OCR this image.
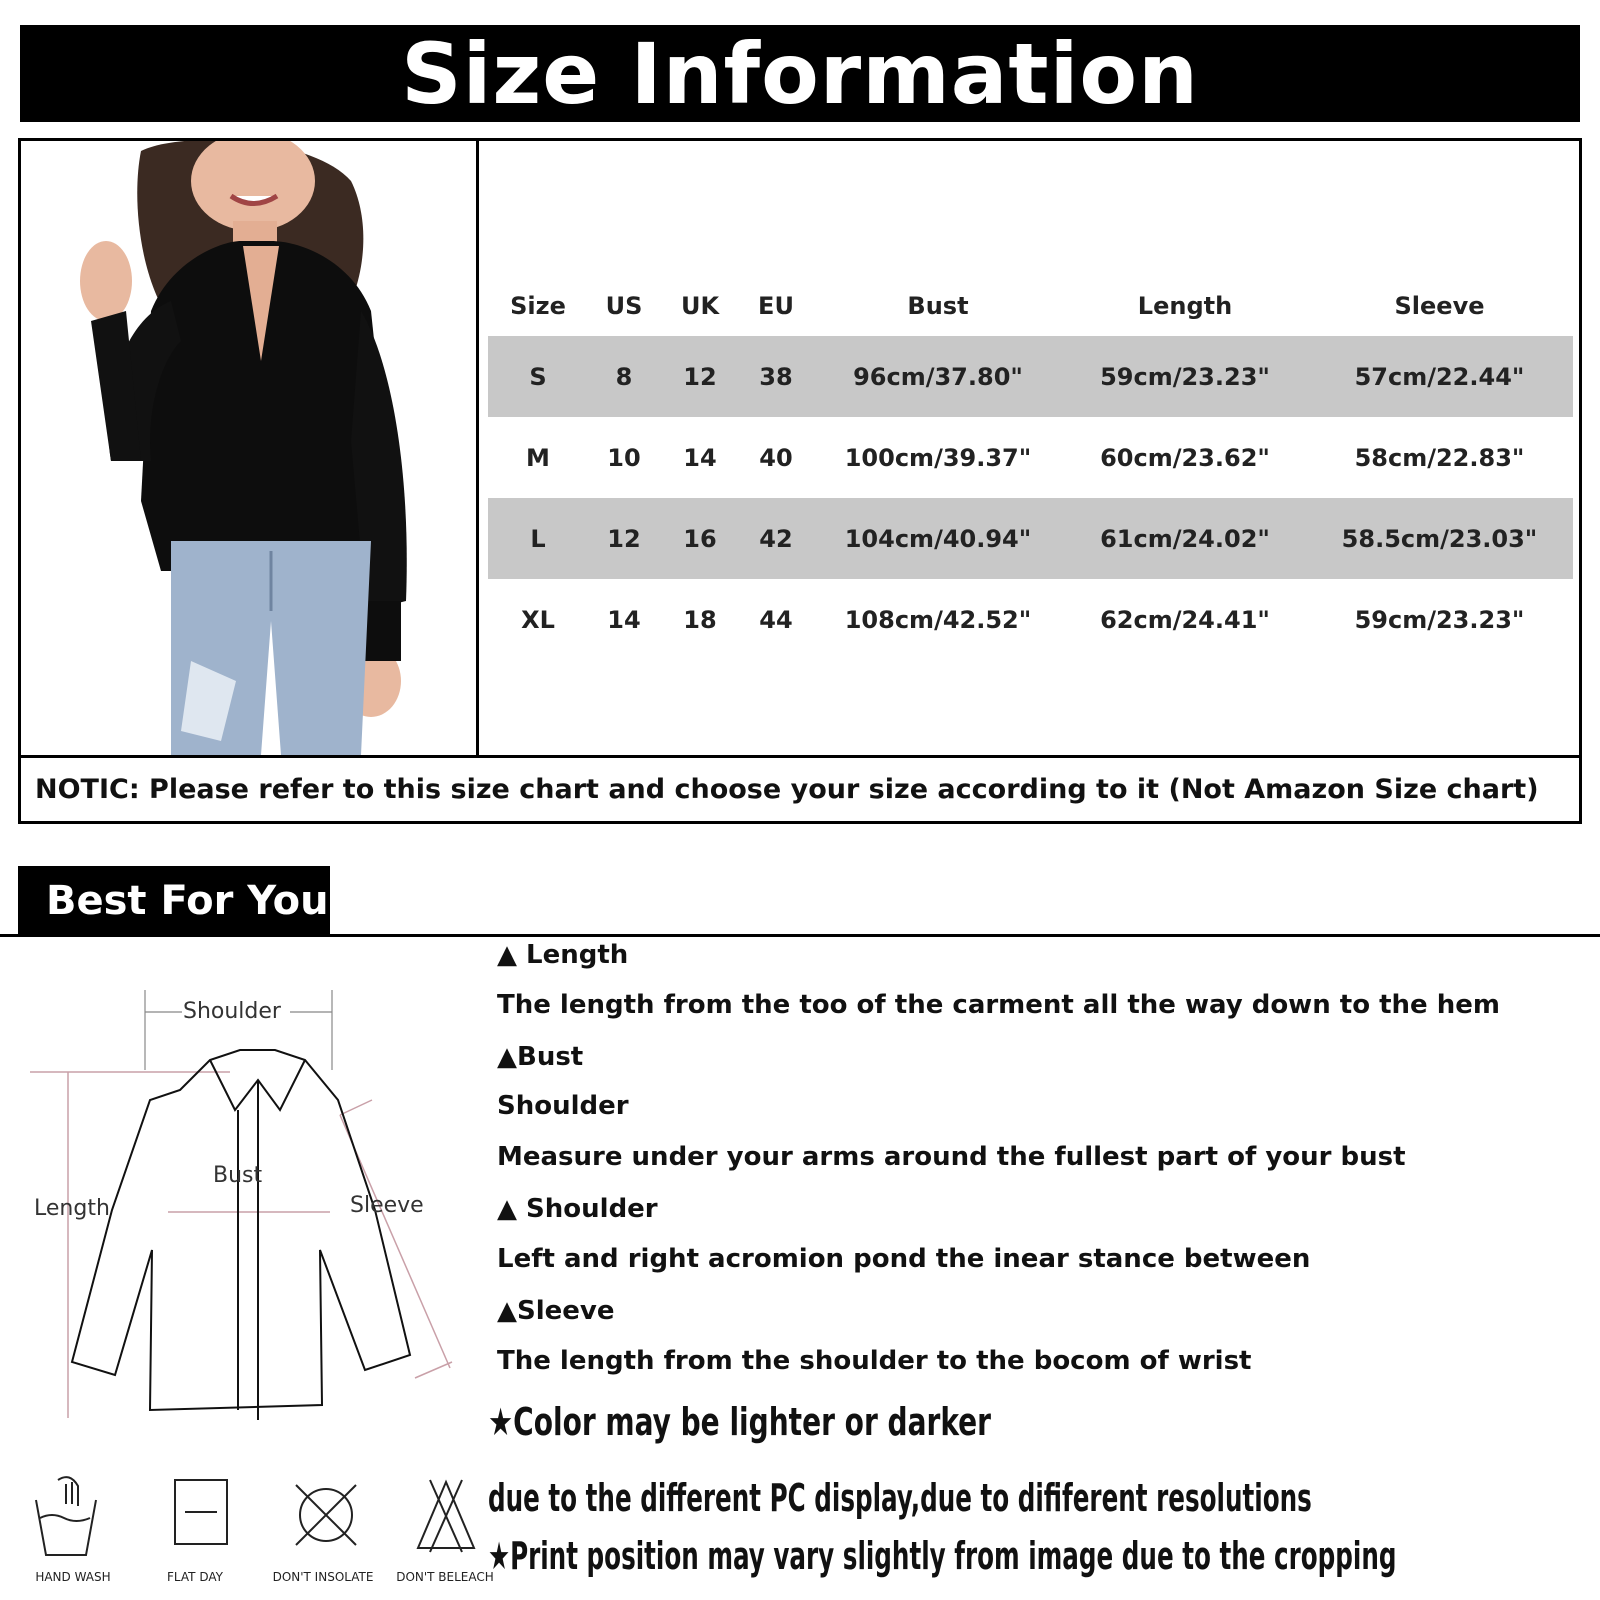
Size Information
Size	US	UK	EU	Bust	Length	Sleeve
S	8	12	38	96cm/37.80"	59cm/23.23"	57cm/22.44"
M	10	14	40	100cm/39.37"	60cm/23.62"	58cm/22.83"
L	12	16	42	104cm/40.94"	61cm/24.02"	58.5cm/23.03"
XL	14	18	44	108cm/42.52"	62cm/24.41"	59cm/23.23"
NOTIC: Please refer to this size chart and choose your size according to it (Not Amazon Size chart)
Best For You
Shoulder
Bust
Length	Sleeve
HAND WASH	FLAT DAY	DON'T INSOLATE	DON'T BELEACH
▲ Length
The length from the too of the carment all the way down to the hem
▲Bust
Shoulder
Measure under your arms around the fullest part of your bust
▲ Shoulder
Left and right acromion pond the inear stance between
▲Sleeve
The length from the shoulder to the bocom of wrist
★Color may be lighter or darker
due to the different PC display,due to dififerent resolutions
★Print position may vary slightly from image due to the cropping
